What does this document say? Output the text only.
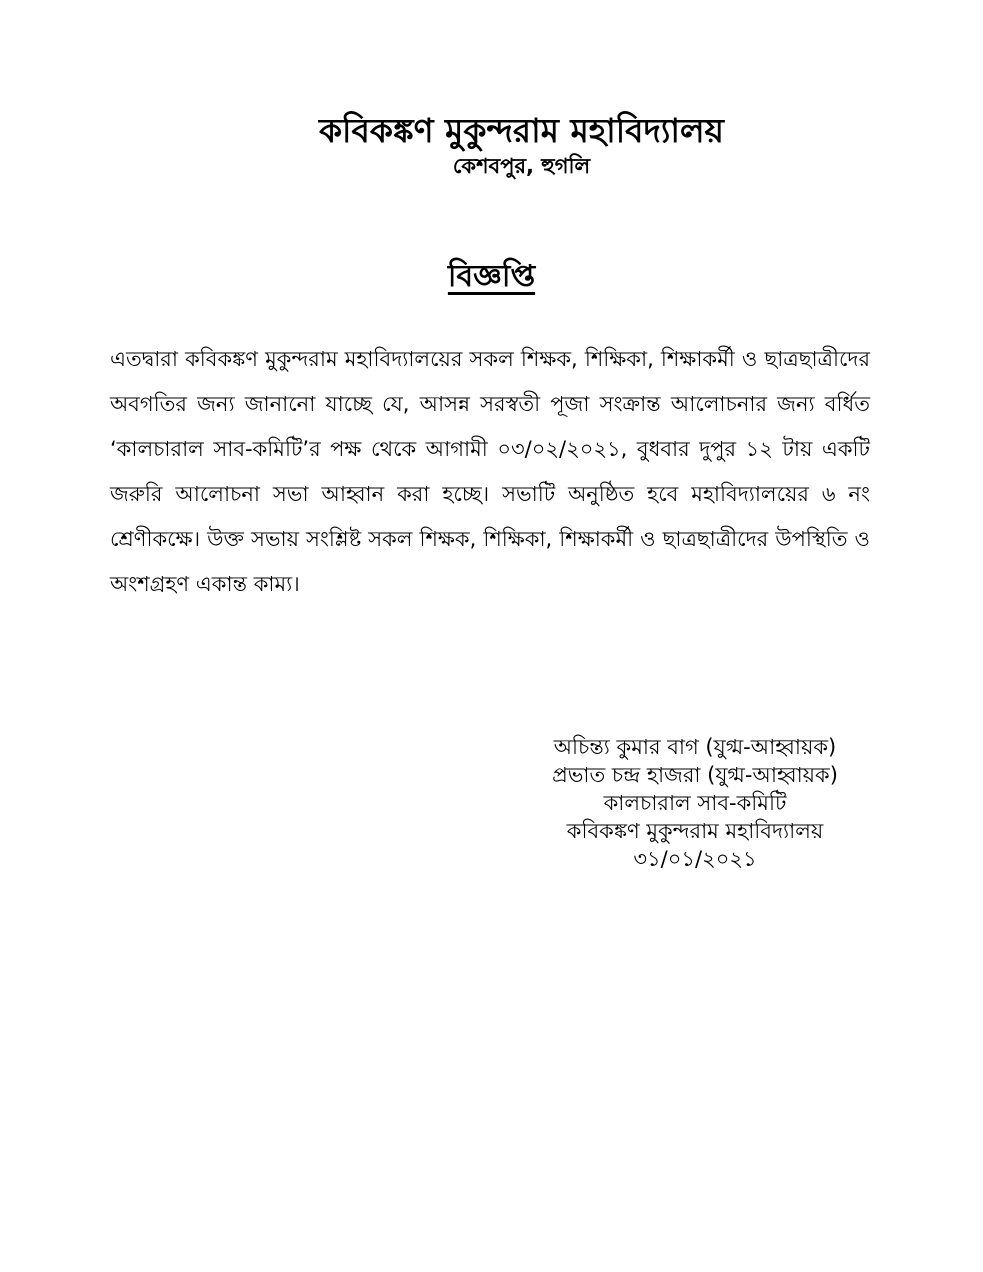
কবিকঙ্কণ মুকুন্দরাম মহাবিদ্যালয়

কেশবপুর, হুগলি

বিজ্ঞপ্তি

এতদ্বারা কবিকঙ্কণ মুকুন্দরাম মহাবিদ্যালয়ের সকল শিক্ষক, শিক্ষিকা, শিক্ষাকর্মী ও ছাত্রছাত্রীদের অবগতির জন্য জানানো যাচ্ছে যে, আসন্ন সরস্বতী পূজা সংক্রান্ত আলোচনার জন্য বর্ধিত ‘কালচারাল সাব-কমিটি’র পক্ষ থেকে আগামী ০৩/০২/২০২১, বুধবার দুপুর ১২ টায় একটি জরুরি আলোচনা সভা আহ্বান করা হচ্ছে। সভাটি অনুষ্ঠিত হবে মহাবিদ্যালয়ের ৬ নং শ্রেণীকক্ষে। উক্ত সভায় সংশ্লিষ্ট সকল শিক্ষক, শিক্ষিকা, শিক্ষাকর্মী ও ছাত্রছাত্রীদের উপস্থিতি ও অংশগ্রহণ একান্ত কাম্য।

অচিন্ত্য কুমার বাগ (যুগ্ম-আহ্বায়ক)
প্রভাত চন্দ্র হাজরা (যুগ্ম-আহ্বায়ক)
কালচারাল সাব-কমিটি
কবিকঙ্কণ মুকুন্দরাম মহাবিদ্যালয়
৩১/০১/২০২১
